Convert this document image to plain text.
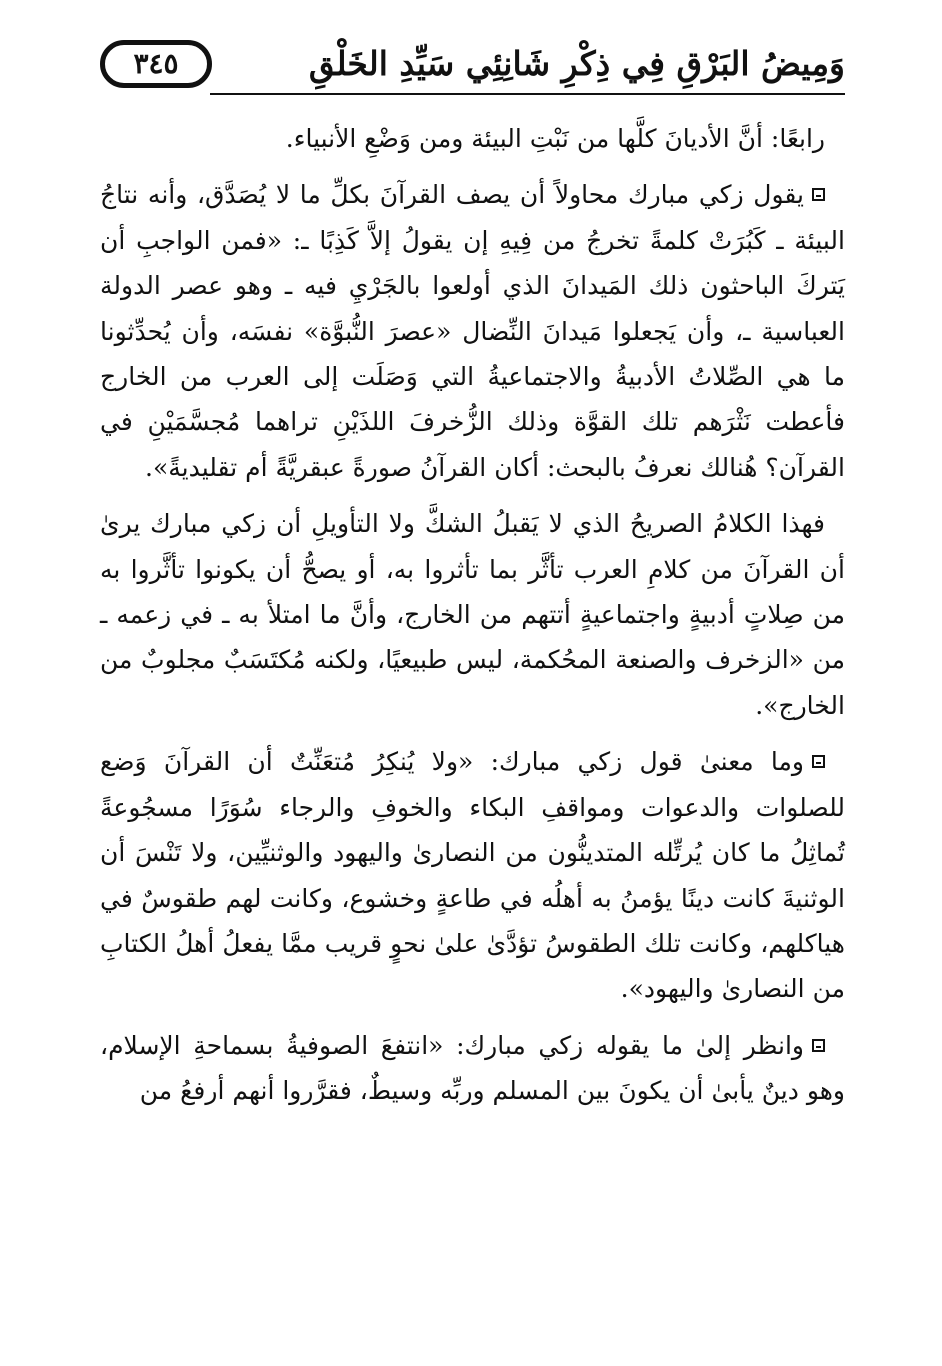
٣٤٥	وَمِيضُ البَرْقِ فِي ذِكْرِ شَانِئِي سَيِّدِ الخَلْقِ

رابعًا: أنَّ الأديانَ كلَّها من نَبْتِ البيئة ومن وَضْعِ الأنبياء.

يقول زكي مبارك محاولاً أن يصف القرآنَ بكلِّ ما لا يُصَدَّق، وأنه نتاجُ البيئة ـ كَبُرَتْ كلمةً تخرجُ من فِيهِ إن يقولُ إلاَّ كَذِبًا ـ: «فمن الواجبِ أن يَتركَ الباحثون ذلك المَيدانَ الذي أولعوا بالجَرْيِ فيه ـ وهو عصر الدولة العباسية ـ، وأن يَجعلوا مَيدانَ النِّضال «عصرَ النُّبوَّة» نفسَه، وأن يُحدِّثونا ما هي الصِّلاتُ الأدبيةُ والاجتماعيةُ التي وَصَلَت إلى العرب من الخارج فأعطت نَثْرَهم تلك القوَّة وذلك الزُّخرفَ اللذَيْنِ تراهما مُجسَّمَيْنِ في القرآن؟ هُنالك نعرفُ بالبحث: أكان القرآنُ صورةً عبقريَّةً أم تقليديةً».

فهذا الكلامُ الصريحُ الذي لا يَقبلُ الشكَّ ولا التأويلِ أن زكي مبارك يرىٰ أن القرآنَ من كلامِ العرب تأثَّر بما تأثروا به، أو يصحُّ أن يكونوا تأثَّروا به من صِلاتٍ أدبيةٍ واجتماعيةٍ أتتهم من الخارج، وأنَّ ما امتلأ به ـ في زعمه ـ من «الزخرف والصنعة المحُكمة، ليس طبيعيًا، ولكنه مُكتَسَبٌ مجلوبٌ من الخارج».

وما معنىٰ قول زكي مبارك: «ولا يُنكِرُ مُتعَنِّتٌ أن القرآنَ وَضع للصلوات والدعوات ومواقفِ البكاء والخوفِ والرجاء سُوَرًا مسجُوعةً تُماثِلُ ما كان يُرتِّله المتدينُّون من النصارىٰ واليهود والوثنيِّين، ولا تَنْسَ أن الوثنيةَ كانت دينًا يؤمنُ به أهلُه في طاعةٍ وخشوع، وكانت لهم طقوسٌ في هياكلهم، وكانت تلك الطقوسُ تؤدَّىٰ علىٰ نحوٍ قريب ممَّا يفعلُ أهلُ الكتابِ من النصارىٰ واليهود».

وانظر إلىٰ ما يقوله زكي مبارك: «انتفعَ الصوفيةُ بسماحةِ الإسلام، وهو دينٌ يأبىٰ أن يكونَ بين المسلم وربِّه وسيطٌ، فقرَّروا أنهم أرفعُ من
